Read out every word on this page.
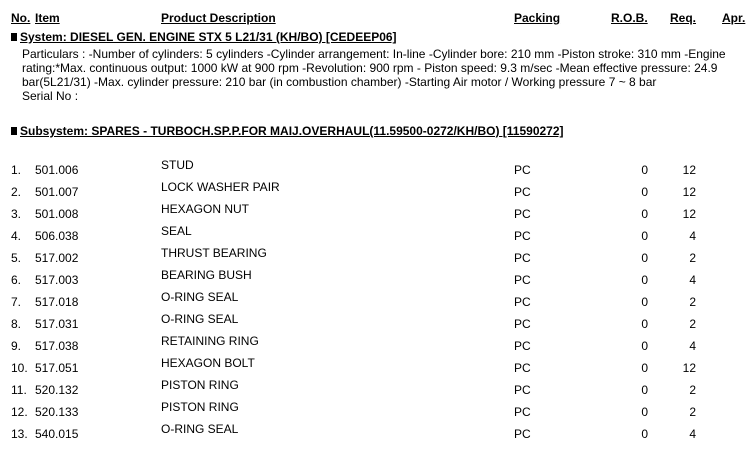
No. Item	Product Description	Packing	R.O.B. Req. Apr.
System: DIESEL GEN. ENGINE STX 5 L21/31 (KH/BO) [CEDEEP06]
Particulars : -Number of cylinders: 5 cylinders -Cylinder arrangement: In-line -Cylinder bore: 210 mm -Piston stroke: 310 mm -Engine rating:*Max. continuous output: 1000 kW at 900 rpm -Revolution: 900 rpm - Piston speed: 9.3 m/sec -Mean effective pressure: 24.9 bar(5L21/31) -Max. cylinder pressure: 210 bar (in combustion chamber) -Starting Air motor / Working pressure 7 ~ 8 bar
Serial No :
Subsystem: SPARES - TURBOCH.SP.P.FOR MAIJ.OVERHAUL(11.59500-0272/KH/BO) [11590272]
1. 501.006	STUD	PC	0	12
2. 501.007	LOCK WASHER PAIR	PC	0	12
3. 501.008	HEXAGON NUT	PC	0	12
4. 506.038	SEAL	PC	0	4
5. 517.002	THRUST BEARING	PC	0	2
6. 517.003	BEARING BUSH	PC	0	4
7. 517.018	O-RING SEAL	PC	0	2
8. 517.031	O-RING SEAL	PC	0	2
9. 517.038	RETAINING RING	PC	0	4
10. 517.051	HEXAGON BOLT	PC	0	12
11. 520.132	PISTON RING	PC	0	2
12. 520.133	PISTON RING	PC	0	2
13. 540.015	O-RING SEAL	PC	0	4
